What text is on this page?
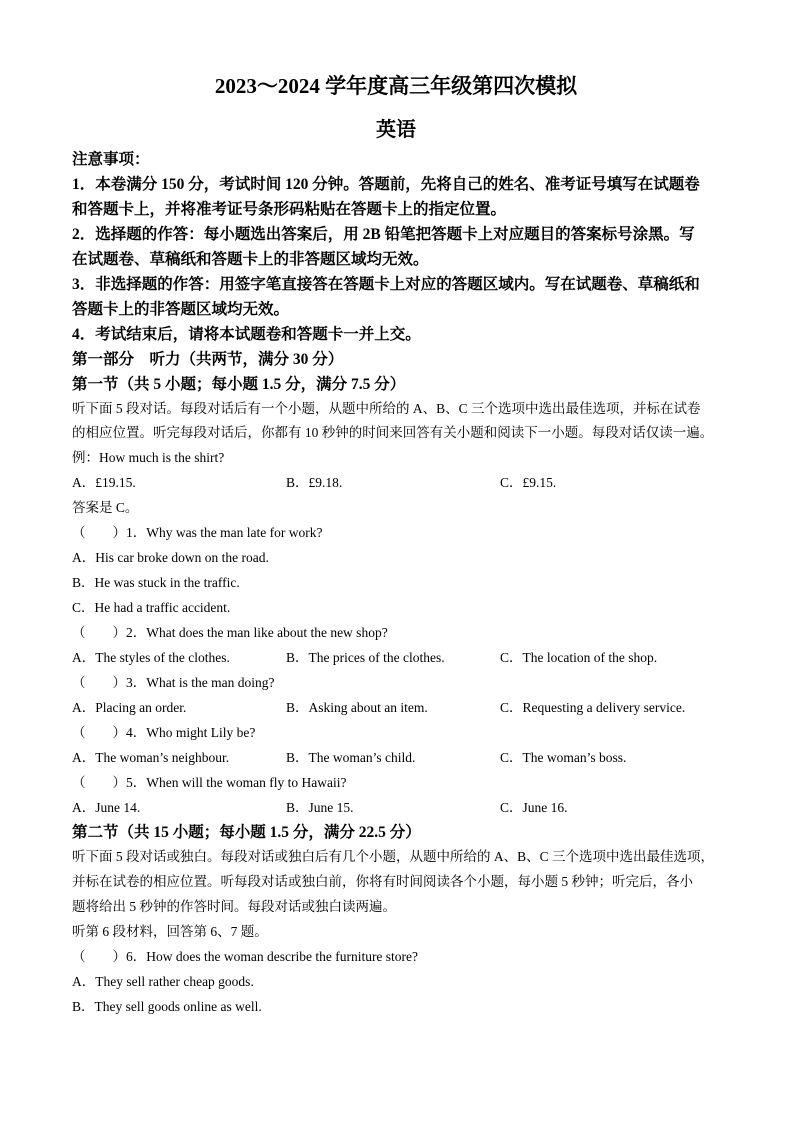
2023～2024 学年度高三年级第四次模拟
英语
注意事项：
1．本卷满分 150 分，考试时间 120 分钟。答题前，先将自己的姓名、准考证号填写在试题卷
和答题卡上，并将准考证号条形码粘贴在答题卡上的指定位置。
2．选择题的作答：每小题选出答案后，用 2B 铅笔把答题卡上对应题目的答案标号涂黑。写
在试题卷、草稿纸和答题卡上的非答题区域均无效。
3．非选择题的作答：用签字笔直接答在答题卡上对应的答题区域内。写在试题卷、草稿纸和
答题卡上的非答题区域均无效。
4．考试结束后，请将本试题卷和答题卡一并上交。
第一部分　听力（共两节，满分 30 分）
第一节（共 5 小题；每小题 1.5 分，满分 7.5 分）
听下面 5 段对话。每段对话后有一个小题，从题中所给的 A、B、C 三个选项中选出最佳选项，并标在试卷
的相应位置。听完每段对话后，你都有 10 秒钟的时间来回答有关小题和阅读下一小题。每段对话仅读一遍。
例：How much is the shirt?
A．£19.15.	B．£9.18.	C．£9.15.
答案是 C。
（　　）1．Why was the man late for work?
A．His car broke down on the road.
B．He was stuck in the traffic.
C．He had a traffic accident.
（　　）2．What does the man like about the new shop?
A．The styles of the clothes.	B．The prices of the clothes.	C．The location of the shop.
（　　）3．What is the man doing?
A．Placing an order.	B．Asking about an item.	C．Requesting a delivery service.
（　　）4．Who might Lily be?
A．The woman’s neighbour.	B．The woman’s child.	C．The woman’s boss.
（　　）5．When will the woman fly to Hawaii?
A．June 14.	B．June 15.	C．June 16.
第二节（共 15 小题；每小题 1.5 分，满分 22.5 分）
听下面 5 段对话或独白。每段对话或独白后有几个小题，从题中所给的 A、B、C 三个选项中选出最佳选项，
并标在试卷的相应位置。听每段对话或独白前，你将有时间阅读各个小题，每小题 5 秒钟；听完后，各小
题将给出 5 秒钟的作答时间。每段对话或独白读两遍。
听第 6 段材料，回答第 6、7 题。
（　　）6．How does the woman describe the furniture store?
A．They sell rather cheap goods.
B．They sell goods online as well.
